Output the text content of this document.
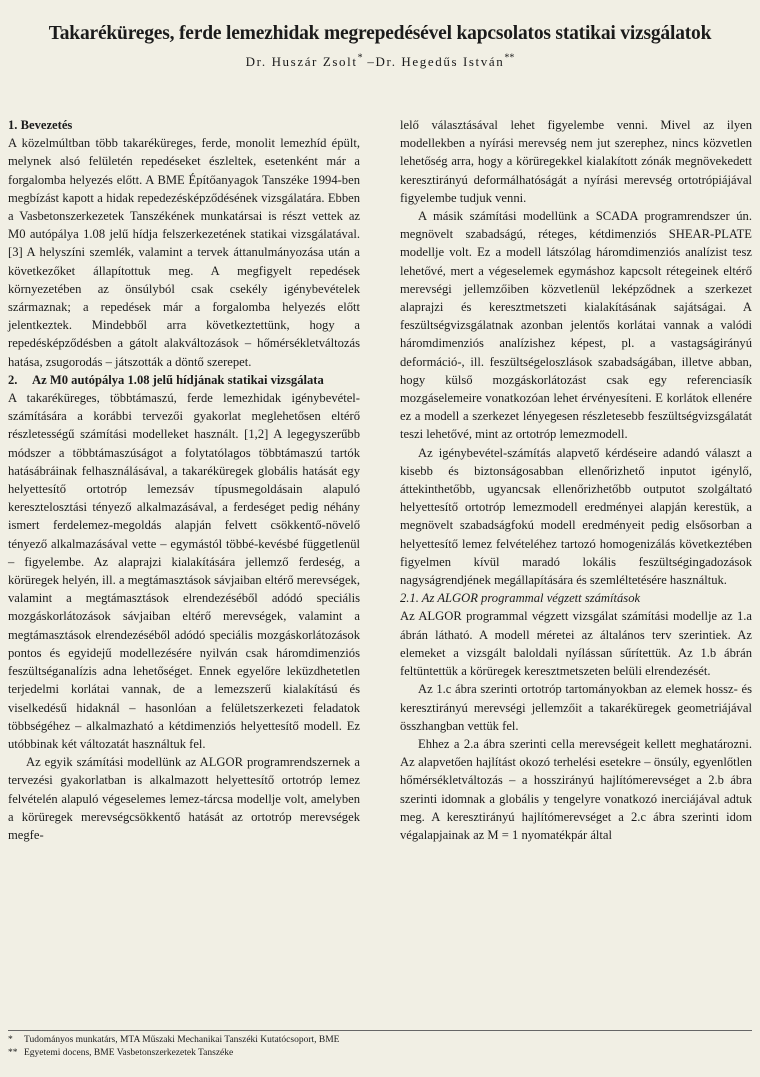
Takaréküreges, ferde lemezhidak megrepedésével kapcsolatos statikai vizsgálatok
Dr. Huszár Zsolt* –Dr. Hegedűs István**

1. Bevezetés

A közelmúltban több takaréküreges, ferde, monolit lemezhíd épült, melynek alsó felületén repedéseket észleltek, esetenként már a forgalomba helyezés előtt. A BME Építőanyagok Tanszéke 1994-ben megbízást kapott a hidak repedezésképződésének vizsgálatára. Ebben a Vasbetonszerkezetek Tanszékének munkatársai is részt vettek az M0 autópálya 1.08 jelű hídja felszerkezetének statikai vizsgálatával. [3] A helyszíni szemlék, valamint a tervek áttanulmányozása után a következőket állapítottuk meg. A megfigyelt repedések környezetében az önsúlyból csak csekély igénybevételek származnak; a repedések már a forgalomba helyezés előtt jelentkeztek. Mindebből arra következtettünk, hogy a repedésképződésben a gátolt alakváltozások – hőmérsékletváltozás hatása, zsugorodás – játszották a döntő szerepet.

2. Az M0 autópálya 1.08 jelű hídjának statikai vizsgálata

A takaréküreges, többtámaszú, ferde lemezhidak igénybevétel-számítására a korábbi tervezői gyakorlat meglehetősen eltérő részletességű számítási modelleket használt. [1,2] A legegyszerűbb módszer a többtámaszúságot a folytatólagos többtámaszú tartók hatásábráinak felhasználásával, a takaréküregek globális hatását egy helyettesítő ortotróp lemezsáv típusmegoldásain alapuló keresztelosztási tényező alkalmazásával, a ferdeséget pedig néhány ismert ferdelemez-megoldás alapján felvett csökkentő-növelő tényező alkalmazásával vette – egymástól többé-kevésbé függetlenül – figyelembe. Az alaprajzi kialakítására jellemző ferdeség, a körüregek helyén, ill. a megtámasztások sávjaiban eltérő merevségek, valamint a megtámasztások elrendezéséből adódó speciális mozgáskorlátozások sávjaiban eltérő merevségek, valamint a megtámasztások elrendezéséből adódó speciális mozgáskorlátozások pontos és egyidejű modellezésére nyilván csak háromdimenziós feszültséganalízis adna lehetőséget. Ennek egyelőre leküzdhetetlen terjedelmi korlátai vannak, de a lemezszerű kialakítású és viselkedésű hidaknál – hasonlóan a felületszerkezeti feladatok többségéhez – alkalmazható a kétdimenziós helyettesítő modell. Ez utóbbinak két változatát használtuk fel.

Az egyik számítási modellünk az ALGOR programrendszernek a tervezési gyakorlatban is alkalmazott helyettesítő ortotróp lemez felvételén alapuló végeselemes lemez-tárcsa modellje volt, amelyben a körüregek merevségcsökkentő hatását az ortotróp merevségek megfe-

lelő választásával lehet figyelembe venni. Mivel az ilyen modellekben a nyírási merevség nem jut szerephez, nincs közvetlen lehetőség arra, hogy a körüregekkel kialakított zónák megnövekedett keresztirányú deformálhatóságát a nyírási merevség ortotrópiájával figyelembe tudjuk venni.

A másik számítási modellünk a SCADA programrendszer ún. megnövelt szabadságú, réteges, kétdimenziós SHEAR-PLATE modellje volt. Ez a modell látszólag háromdimenziós analízist tesz lehetővé, mert a végeselemek egymáshoz kapcsolt rétegeinek eltérő merevségi jellemzőiben közvetlenül leképződnek a szerkezet alaprajzi és keresztmetszeti kialakításának sajátságai. A feszültségvizsgálatnak azonban jelentős korlátai vannak a valódi háromdimenziós analízishez képest, pl. a vastagságirányú deformáció-, ill. feszültségeloszlások szabadságában, illetve abban, hogy külső mozgáskorlátozást csak egy referenciasík mozgáselemeire vonatkozóan lehet érvényesíteni. E korlátok ellenére ez a modell a szerkezet lényegesen részletesebb feszültségvizsgálatát teszi lehetővé, mint az ortotróp lemezmodell.

Az igénybevétel-számítás alapvető kérdéseire adandó választ a kisebb és biztonságosabban ellenőrizhető inputot igénylő, áttekinthetőbb, ugyancsak ellenőrizhetőbb outputot szolgáltató helyettesítő ortotróp lemezmodell eredményei alapján kerestük, a megnövelt szabadságfokú modell eredményeit pedig elsősorban a helyettesítő lemez felvételéhez tartozó homogenizálás következtében figyelmen kívül maradó lokális feszültségingadozások nagyságrendjének megállapítására és szemléltetésére használtuk.

2.1. Az ALGOR programmal végzett számítások

Az ALGOR programmal végzett vizsgálat számítási modellje az 1.a ábrán látható. A modell méretei az általános terv szerintiek. Az elemeket a vizsgált baloldali nyílássan sűrítettük. Az 1.b ábrán feltüntettük a körüregek keresztmetszeten belüli elrendezését.

Az 1.c ábra szerinti ortotróp tartományokban az elemek hossz- és keresztirányú merevségi jellemzőit a takaréküregek geometriájával összhangban vettük fel.

Ehhez a 2.a ábra szerinti cella merevségeit kellett meghatározni. Az alapvetően hajlítást okozó terhelési esetekre – önsúly, egyenlőtlen hőmérsékletváltozás – a hosszirányú hajlítómerevséget a 2.b ábra szerinti idomnak a globális y tengelyre vonatkozó inerciájával adtuk meg. A keresztirányú hajlítómerevséget a 2.c ábra szerinti idom végalapjainak az M = 1 nyomatékpár által

*	Tudományos munkatárs, MTA Műszaki Mechanikai Tanszéki Kutatócsoport, BME
** Egyetemi docens, BME Vasbetonszerkezetek Tanszéke
